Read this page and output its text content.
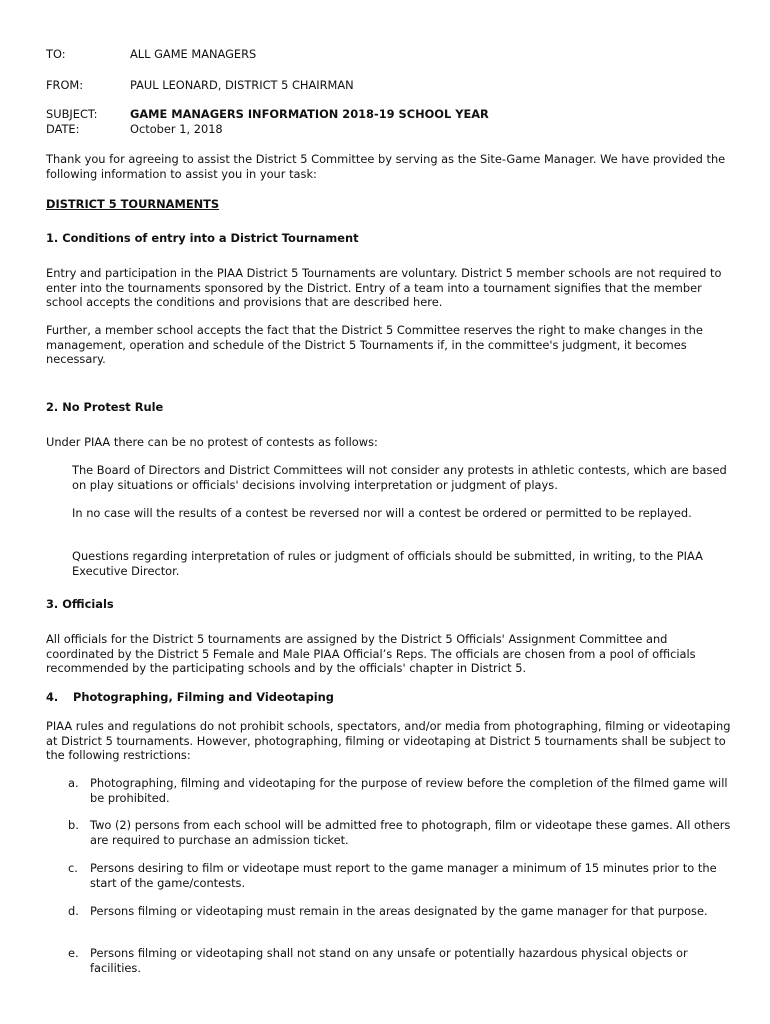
TO:	ALL GAME MANAGERS
FROM:	PAUL LEONARD, DISTRICT 5 CHAIRMAN
SUBJECT:	GAME MANAGERS INFORMATION 2018-19 SCHOOL YEAR
DATE:	October 1, 2018
Thank you for agreeing to assist the District 5 Committee by serving as the Site-Game Manager. We have provided the following information to assist you in your task:
DISTRICT 5 TOURNAMENTS
1. Conditions of entry into a District Tournament
Entry and participation in the PIAA District 5 Tournaments are voluntary. District 5 member schools are not required to enter into the tournaments sponsored by the District. Entry of a team into a tournament signifies that the member school accepts the conditions and provisions that are described here.
Further, a member school accepts the fact that the District 5 Committee reserves the right to make changes in the management, operation and schedule of the District 5 Tournaments if, in the committee's judgment, it becomes necessary.
2. No Protest Rule
Under PIAA there can be no protest of contests as follows:
The Board of Directors and District Committees will not consider any protests in athletic contests, which are based on play situations or officials' decisions involving interpretation or judgment of plays.
In no case will the results of a contest be reversed nor will a contest be ordered or permitted to be replayed.
Questions regarding interpretation of rules or judgment of officials should be submitted, in writing, to the PIAA Executive Director.
3. Officials
All officials for the District 5 tournaments are assigned by the District 5 Officials' Assignment Committee and coordinated by the District 5 Female and Male PIAA Official’s Reps. The officials are chosen from a pool of officials recommended by the participating schools and by the officials' chapter in District 5.
4. Photographing, Filming and Videotaping
PIAA rules and regulations do not prohibit schools, spectators, and/or media from photographing, filming or videotaping at District 5 tournaments. However, photographing, filming or videotaping at District 5 tournaments shall be subject to the following restrictions:
a. Photographing, filming and videotaping for the purpose of review before the completion of the filmed game will be prohibited.
b. Two (2) persons from each school will be admitted free to photograph, film or videotape these games. All others are required to purchase an admission ticket.
c. Persons desiring to film or videotape must report to the game manager a minimum of 15 minutes prior to the start of the game/contests.
d. Persons filming or videotaping must remain in the areas designated by the game manager for that purpose.
e. Persons filming or videotaping shall not stand on any unsafe or potentially hazardous physical objects or facilities.
